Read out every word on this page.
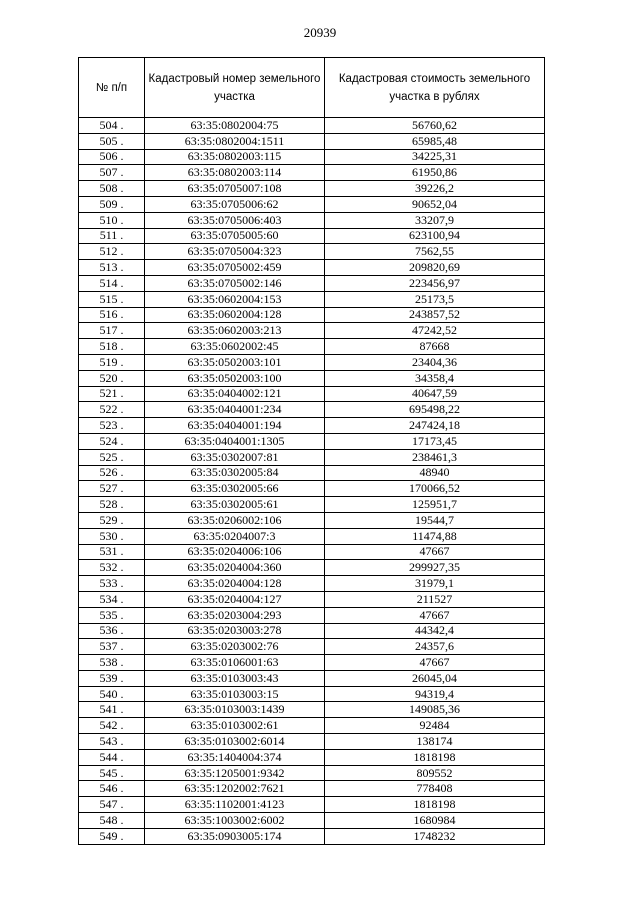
20939
№ п/п	Кадастровый номер земельного участка	Кадастровая стоимость земельного участка в рублях
504 .	63:35:0802004:75	56760,62
505 .	63:35:0802004:1511	65985,48
506 .	63:35:0802003:115	34225,31
507 .	63:35:0802003:114	61950,86
508 .	63:35:0705007:108	39226,2
509 .	63:35:0705006:62	90652,04
510 .	63:35:0705006:403	33207,9
511 .	63:35:0705005:60	623100,94
512 .	63:35:0705004:323	7562,55
513 .	63:35:0705002:459	209820,69
514 .	63:35:0705002:146	223456,97
515 .	63:35:0602004:153	25173,5
516 .	63:35:0602004:128	243857,52
517 .	63:35:0602003:213	47242,52
518 .	63:35:0602002:45	87668
519 .	63:35:0502003:101	23404,36
520 .	63:35:0502003:100	34358,4
521 .	63:35:0404002:121	40647,59
522 .	63:35:0404001:234	695498,22
523 .	63:35:0404001:194	247424,18
524 .	63:35:0404001:1305	17173,45
525 .	63:35:0302007:81	238461,3
526 .	63:35:0302005:84	48940
527 .	63:35:0302005:66	170066,52
528 .	63:35:0302005:61	125951,7
529 .	63:35:0206002:106	19544,7
530 .	63:35:0204007:3	11474,88
531 .	63:35:0204006:106	47667
532 .	63:35:0204004:360	299927,35
533 .	63:35:0204004:128	31979,1
534 .	63:35:0204004:127	211527
535 .	63:35:0203004:293	47667
536 .	63:35:0203003:278	44342,4
537 .	63:35:0203002:76	24357,6
538 .	63:35:0106001:63	47667
539 .	63:35:0103003:43	26045,04
540 .	63:35:0103003:15	94319,4
541 .	63:35:0103003:1439	149085,36
542 .	63:35:0103002:61	92484
543 .	63:35:0103002:6014	138174
544 .	63:35:1404004:374	1818198
545 .	63:35:1205001:9342	809552
546 .	63:35:1202002:7621	778408
547 .	63:35:1102001:4123	1818198
548 .	63:35:1003002:6002	1680984
549 .	63:35:0903005:174	1748232
